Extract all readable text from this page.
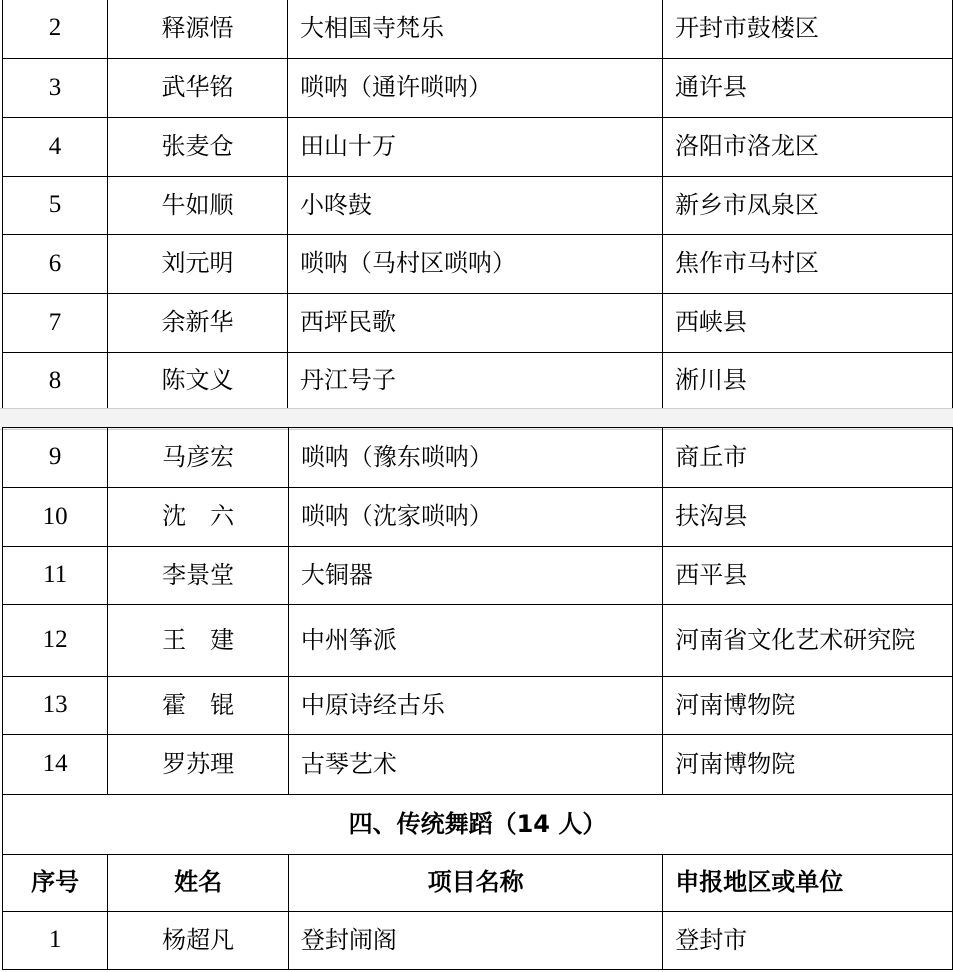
2	释源悟	大相国寺梵乐	开封市鼓楼区
3	武华铭	唢呐（通许唢呐）	通许县
4	张麦仓	田山十万	洛阳市洛龙区
5	牛如顺	小咚鼓	新乡市凤泉区
6	刘元明	唢呐（马村区唢呐）	焦作市马村区
7	余新华	西坪民歌	西峡县
8	陈文义	丹江号子	淅川县
9	马彦宏	唢呐（豫东唢呐）	商丘市
10	沈　六	唢呐（沈家唢呐）	扶沟县
11	李景堂	大铜器	西平县
12	王　建	中州筝派	河南省文化艺术研究院
13	霍　锟	中原诗经古乐	河南博物院
14	罗苏理	古琴艺术	河南博物院
四、传统舞蹈（14 人）			
序号	姓名	项目名称	申报地区或单位
1	杨超凡	登封闹阁	登封市
